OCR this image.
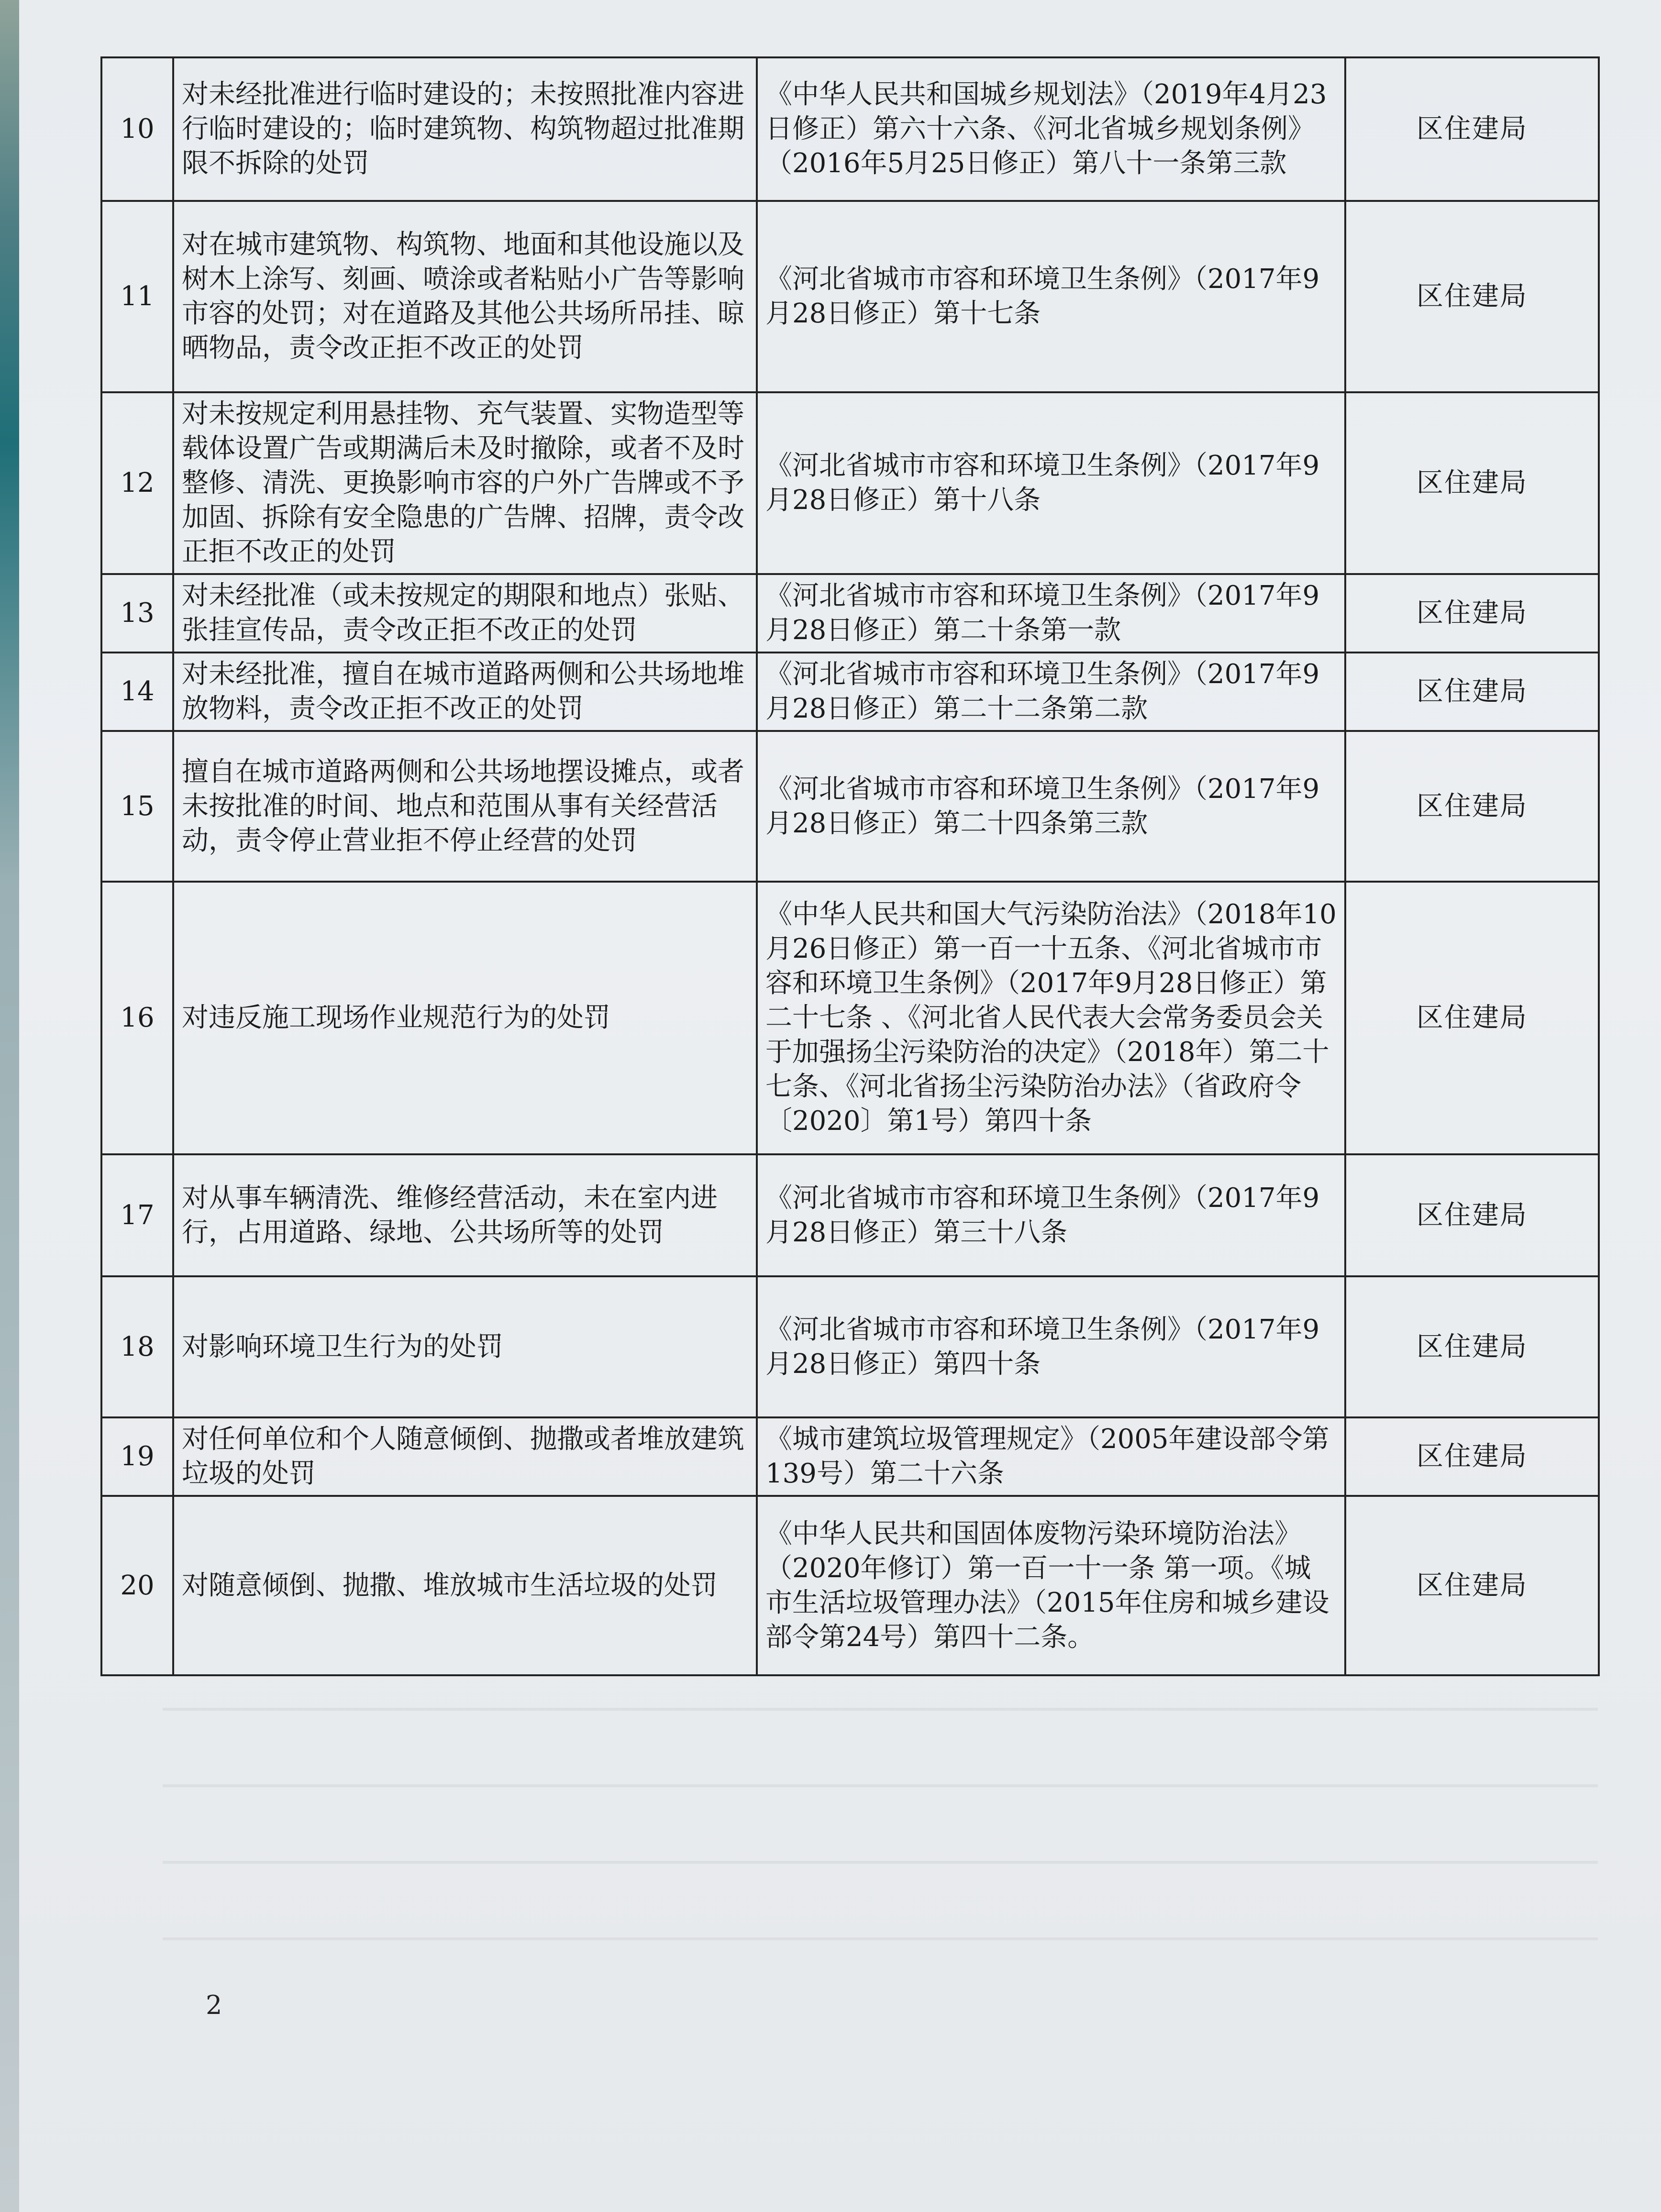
10	对未经批准进行临时建设的；未按照批准内容进行临时建设的；临时建筑物、构筑物超过批准期限不拆除的处罚	《中华人民共和国城乡规划法》（2019年4月23日修正）第六十六条、《河北省城乡规划条例》（2016年5月25日修正）第八十一条第三款	区住建局
11	对在城市建筑物、构筑物、地面和其他设施以及树木上涂写、刻画、喷涂或者粘贴小广告等影响市容的处罚；对在道路及其他公共场所吊挂、晾晒物品，责令改正拒不改正的处罚	《河北省城市市容和环境卫生条例》（2017年9月28日修正）第十七条	区住建局
12	对未按规定利用悬挂物、充气装置、实物造型等载体设置广告或期满后未及时撤除，或者不及时整修、清洗、更换影响市容的户外广告牌或不予加固、拆除有安全隐患的广告牌、招牌，责令改正拒不改正的处罚	《河北省城市市容和环境卫生条例》（2017年9月28日修正）第十八条	区住建局
13	对未经批准（或未按规定的期限和地点）张贴、张挂宣传品，责令改正拒不改正的处罚	《河北省城市市容和环境卫生条例》（2017年9月28日修正）第二十条第一款	区住建局
14	对未经批准，擅自在城市道路两侧和公共场地堆放物料，责令改正拒不改正的处罚	《河北省城市市容和环境卫生条例》（2017年9月28日修正）第二十二条第二款	区住建局
15	擅自在城市道路两侧和公共场地摆设摊点，或者未按批准的时间、地点和范围从事有关经营活动，责令停止营业拒不停止经营的处罚	《河北省城市市容和环境卫生条例》（2017年9月28日修正）第二十四条第三款	区住建局
16	对违反施工现场作业规范行为的处罚	《中华人民共和国大气污染防治法》（2018年10月26日修正）第一百一十五条、《河北省城市市容和环境卫生条例》（2017年9月28日修正）第二十七条 、《河北省人民代表大会常务委员会关于加强扬尘污染防治的决定》（2018年）第二十七条、《河北省扬尘污染防治办法》（省政府令〔2020〕第1号）第四十条	区住建局
17	对从事车辆清洗、维修经营活动，未在室内进行，占用道路、绿地、公共场所等的处罚	《河北省城市市容和环境卫生条例》（2017年9月28日修正）第三十八条	区住建局
18	对影响环境卫生行为的处罚	《河北省城市市容和环境卫生条例》（2017年9月28日修正）第四十条	区住建局
19	对任何单位和个人随意倾倒、抛撒或者堆放建筑垃圾的处罚	《城市建筑垃圾管理规定》（2005年建设部令第139号）第二十六条	区住建局
20	对随意倾倒、抛撒、堆放城市生活垃圾的处罚	《中华人民共和国固体废物污染环境防治法》（2020年修订）第一百一十一条 第一项。《城市生活垃圾管理办法》（2015年住房和城乡建设部令第24号）第四十二条。	区住建局
2
